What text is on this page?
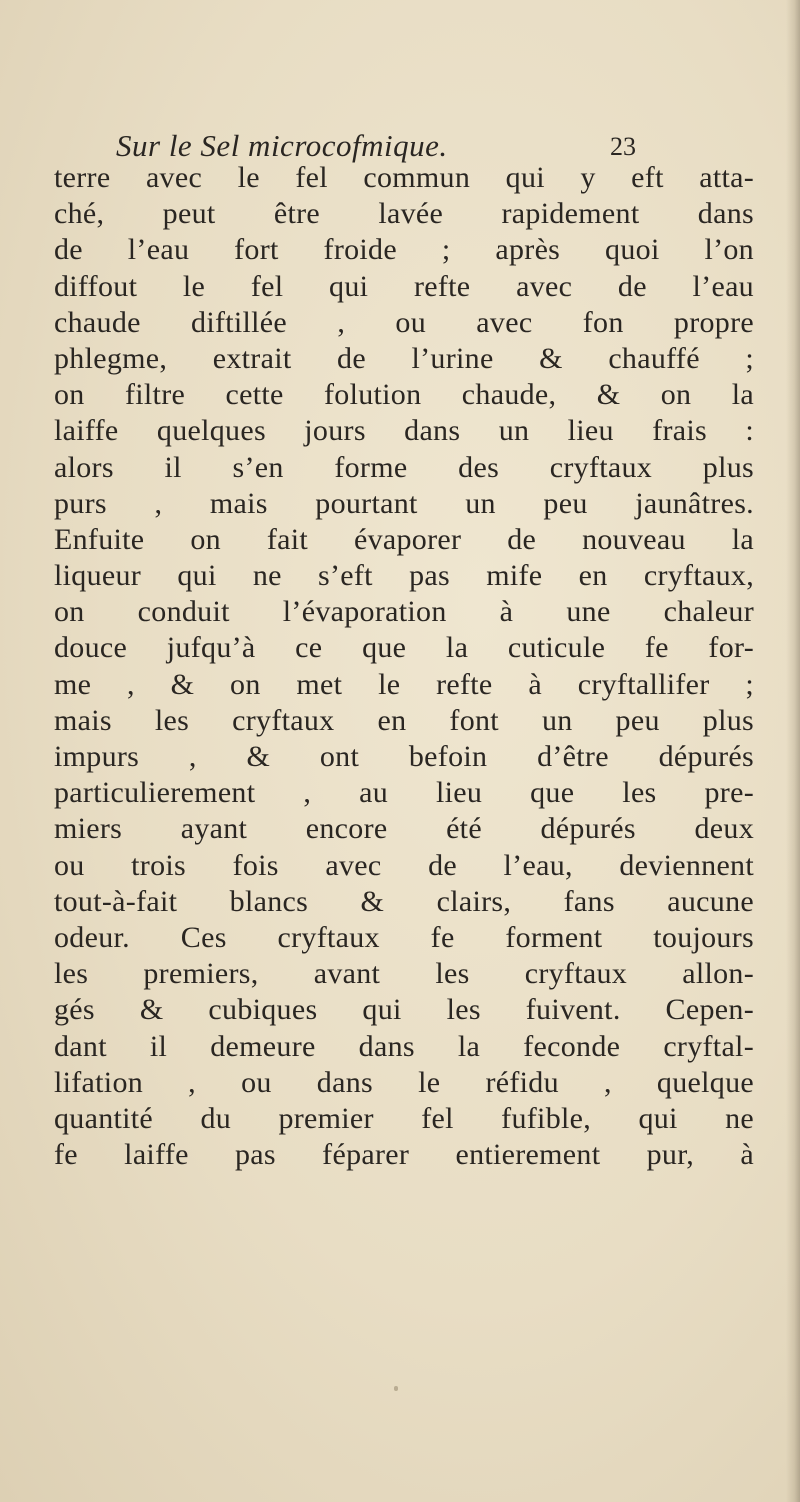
Sur le Sel microcofmique.	23
terre avec le fel commun qui y eft atta-
ché, peut être lavée rapidement dans
de l’eau fort froide ; après quoi l’on
diffout le fel qui refte avec de l’eau
chaude diftillée , ou avec fon propre
phlegme, extrait de l’urine & chauffé ;
on filtre cette folution chaude, & on la
laiffe quelques jours dans un lieu frais :
alors il s’en forme des cryftaux plus
purs , mais pourtant un peu jaunâtres.
Enfuite on fait évaporer de nouveau la
liqueur qui ne s’eft pas mife en cryftaux,
on conduit l’évaporation à une chaleur
douce jufqu’à ce que la cuticule fe for-
me , & on met le refte à cryftallifer ;
mais les cryftaux en font un peu plus
impurs , & ont befoin d’être dépurés
particulierement , au lieu que les pre-
miers ayant encore été dépurés deux
ou trois fois avec de l’eau, deviennent
tout-à-fait blancs & clairs, fans aucune
odeur. Ces cryftaux fe forment toujours
les premiers, avant les cryftaux allon-
gés & cubiques qui les fuivent. Cepen-
dant il demeure dans la feconde cryftal-
lifation , ou dans le réfidu , quelque
quantité du premier fel fufible, qui ne
fe laiffe pas féparer entierement pur, à
